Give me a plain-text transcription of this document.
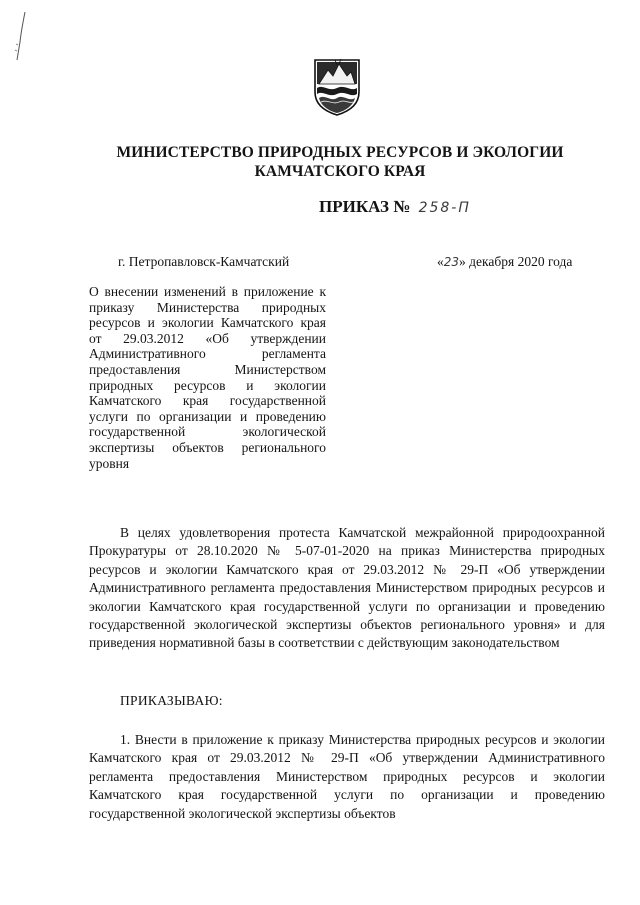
МИНИСТЕРСТВО ПРИРОДНЫХ РЕСУРСОВ И ЭКОЛОГИИ
КАМЧАТСКОГО КРАЯ
ПРИКАЗ № 258-П
г. Петропавловск-Камчатский	«23» декабря 2020 года
О внесении изменений в приложение к приказу Министерства природных ресурсов и экологии Камчатского края от 29.03.2012 «Об утверждении Административного регламента предоставления Министерством природных ресурсов и экологии Камчатского края государственной услуги по организации и проведению государственной экологической экспертизы объектов регионального уровня
В целях удовлетворения протеста Камчатской межрайонной природоохранной Прокуратуры от 28.10.2020 № 5-07-01-2020 на приказ Министерства природных ресурсов и экологии Камчатского края от 29.03.2012 № 29-П «Об утверждении Административного регламента предоставления Министерством природных ресурсов и экологии Камчатского края государственной услуги по организации и проведению государственной экологической экспертизы объектов регионального уровня» и для приведения нормативной базы в соответствии с действующим законодательством
ПРИКАЗЫВАЮ:
1. Внести в приложение к приказу Министерства природных ресурсов и экологии Камчатского края от 29.03.2012 № 29-П «Об утверждении Административного регламента предоставления Министерством природных ресурсов и экологии Камчатского края государственной услуги по организации и проведению государственной экологической экспертизы объектов
